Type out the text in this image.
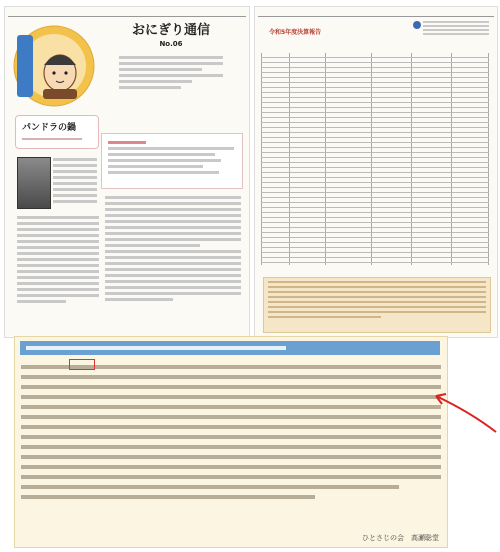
おにぎり通信
No.06
パンドラの鍋
令和5年度決算報告
ひとさじの会　高瀬聡堂
